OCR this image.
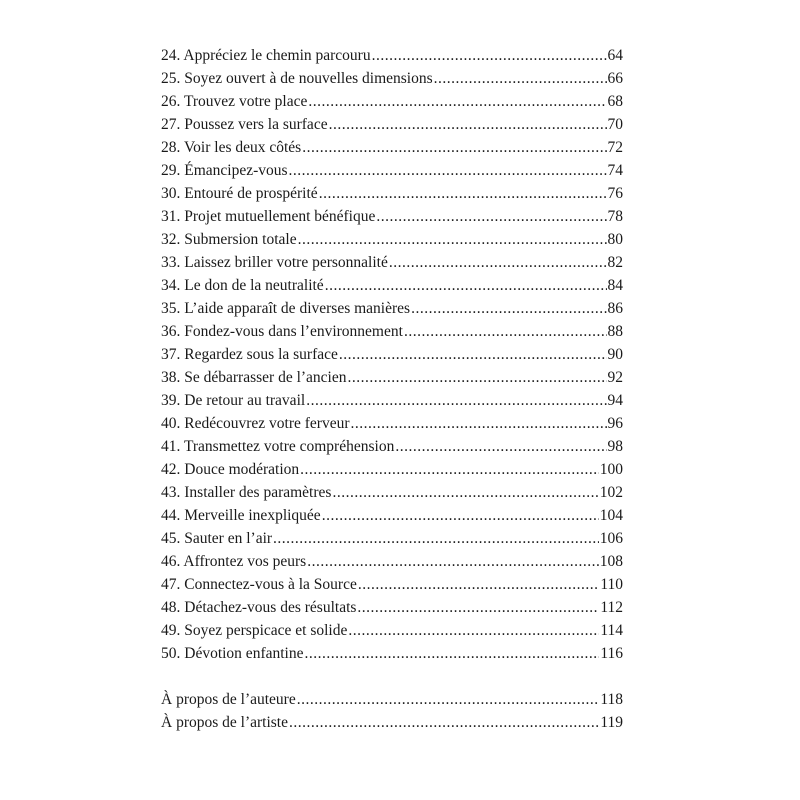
24. Appréciez le chemin parcouru .....	64
25. Soyez ouvert à de nouvelles dimensions .....	66
26. Trouvez votre place .....	68
27. Poussez vers la surface .....	70
28. Voir les deux côtés .....	72
29. Émancipez-vous .....	74
30. Entouré de prospérité .....	76
31. Projet mutuellement bénéfique .....	78
32. Submersion totale .....	80
33. Laissez briller votre personnalité .....	82
34. Le don de la neutralité .....	84
35. L’aide apparaît de diverses manières .....	86
36. Fondez-vous dans l’environnement .....	88
37. Regardez sous la surface .....	90
38. Se débarrasser de l’ancien .....	92
39. De retour au travail .....	94
40. Redécouvrez votre ferveur .....	96
41. Transmettez votre compréhension .....	98
42. Douce modération .....	100
43. Installer des paramètres .....	102
44. Merveille inexpliquée .....	104
45. Sauter en l’air .....	106
46. Affrontez vos peurs .....	108
47. Connectez-vous à la Source .....	110
48. Détachez-vous des résultats .....	112
49. Soyez perspicace et solide .....	114
50. Dévotion enfantine .....	116
À propos de l’auteure .....	118
À propos de l’artiste .....	119
